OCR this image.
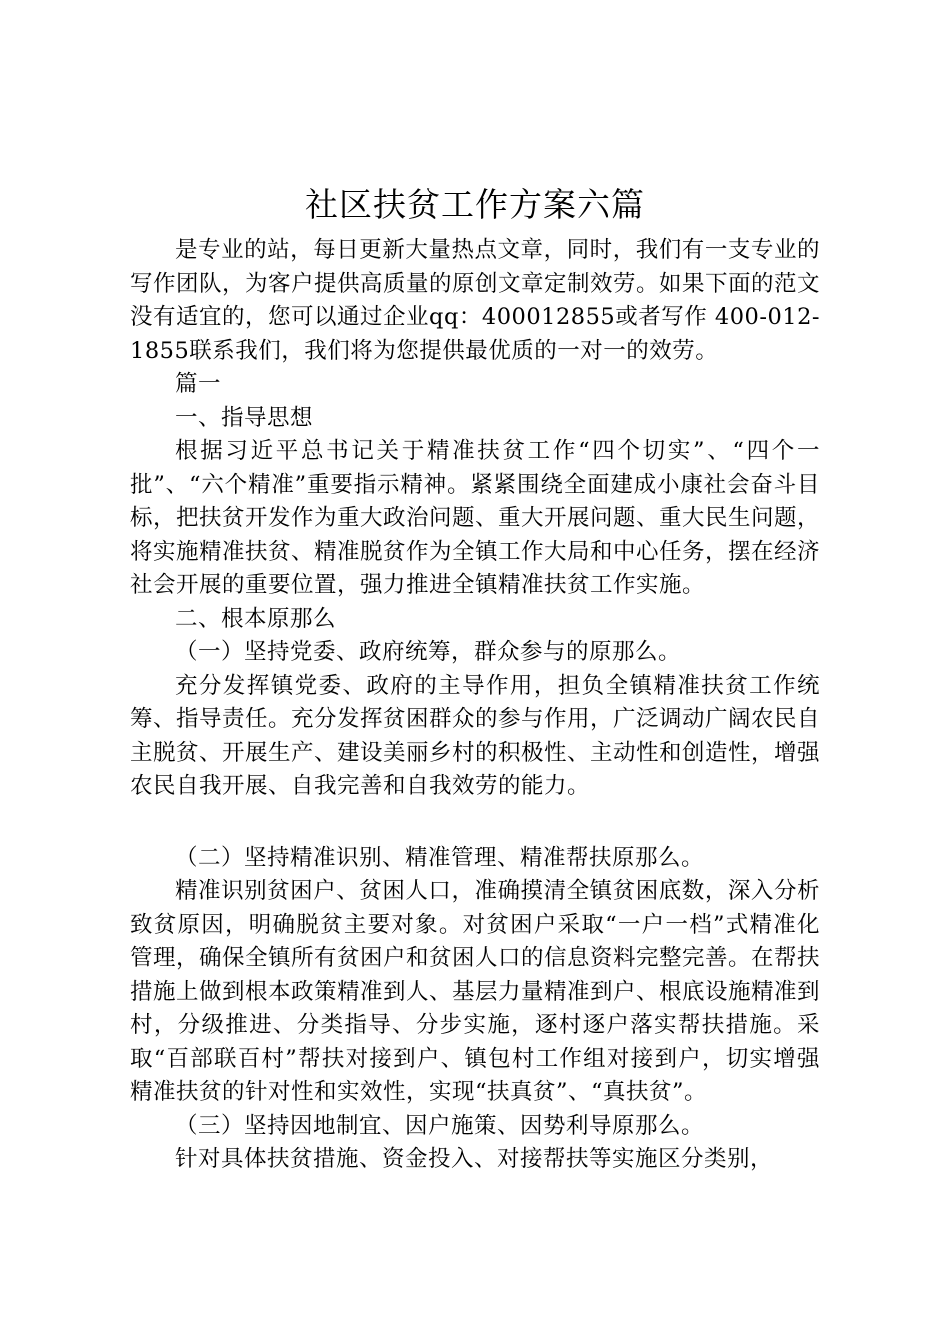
社区扶贫工作方案六篇

是专业的站，每日更新大量热点文章，同时，我们有一支专业的写作团队，为客户提供高质量的原创文章定制效劳。如果下面的范文没有适宜的，您可以通过企业qq：400012855或者写作 400-012-1855联系我们，我们将为您提供最优质的一对一的效劳。

篇一

一、指导思想

根据习近平总书记关于精准扶贫工作“四个切实”、“四个一批”、“六个精准”重要指示精神。紧紧围绕全面建成小康社会奋斗目标，把扶贫开发作为重大政治问题、重大开展问题、重大民生问题，将实施精准扶贫、精准脱贫作为全镇工作大局和中心任务，摆在经济社会开展的重要位置，强力推进全镇精准扶贫工作实施。

二、根本原那么

（一）坚持党委、政府统筹，群众参与的原那么。

充分发挥镇党委、政府的主导作用，担负全镇精准扶贫工作统筹、指导责任。充分发挥贫困群众的参与作用，广泛调动广阔农民自主脱贫、开展生产、建设美丽乡村的积极性、主动性和创造性，增强农民自我开展、自我完善和自我效劳的能力。

（二）坚持精准识别、精准管理、精准帮扶原那么。

精准识别贫困户、贫困人口，准确摸清全镇贫困底数，深入分析致贫原因，明确脱贫主要对象。对贫困户采取“一户一档”式精准化管理，确保全镇所有贫困户和贫困人口的信息资料完整完善。在帮扶措施上做到根本政策精准到人、基层力量精准到户、根底设施精准到村，分级推进、分类指导、分步实施，逐村逐户落实帮扶措施。采取“百部联百村”帮扶对接到户、镇包村工作组对接到户，切实增强精准扶贫的针对性和实效性，实现“扶真贫”、“真扶贫”。

（三）坚持因地制宜、因户施策、因势利导原那么。

针对具体扶贫措施、资金投入、对接帮扶等实施区分类别，
